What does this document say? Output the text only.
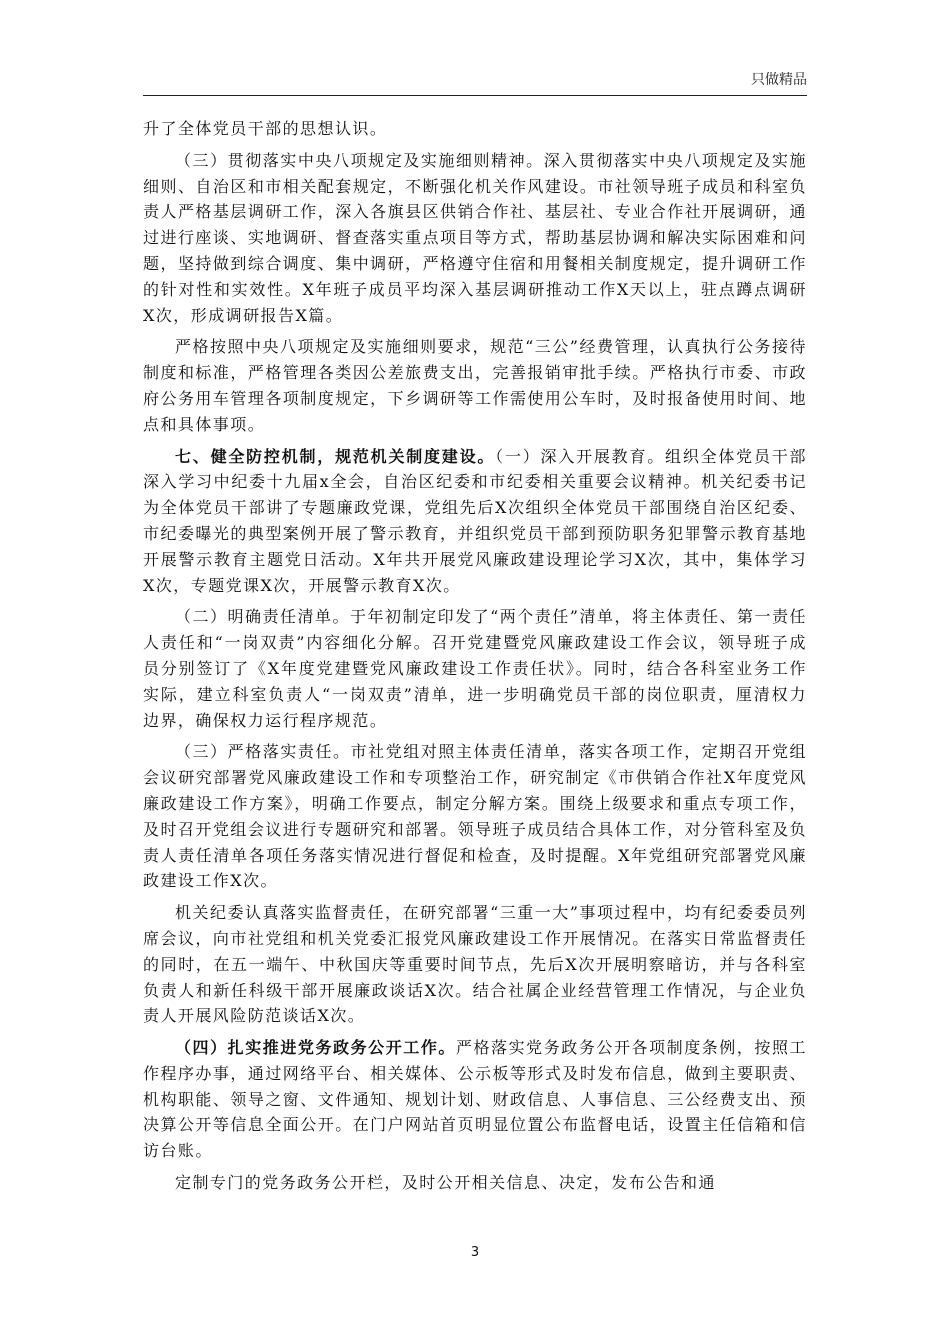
只做精品

升了全体党员干部的思想认识。

（三）贯彻落实中央八项规定及实施细则精神。深入贯彻落实中央八项规定及实施细则、自治区和市相关配套规定，不断强化机关作风建设。市社领导班子成员和科室负责人严格基层调研工作，深入各旗县区供销合作社、基层社、专业合作社开展调研，通过进行座谈、实地调研、督查落实重点项目等方式，帮助基层协调和解决实际困难和问题，坚持做到综合调度、集中调研，严格遵守住宿和用餐相关制度规定，提升调研工作的针对性和实效性。X年班子成员平均深入基层调研推动工作X天以上，驻点蹲点调研X次，形成调研报告X篇。

严格按照中央八项规定及实施细则要求，规范“三公”经费管理，认真执行公务接待制度和标准，严格管理各类因公差旅费支出，完善报销审批手续。严格执行市委、市政府公务用车管理各项制度规定，下乡调研等工作需使用公车时，及时报备使用时间、地点和具体事项。

七、健全防控机制，规范机关制度建设。（一）深入开展教育。组织全体党员干部深入学习中纪委十九届x全会，自治区纪委和市纪委相关重要会议精神。机关纪委书记为全体党员干部讲了专题廉政党课，党组先后X次组织全体党员干部围绕自治区纪委、市纪委曝光的典型案例开展了警示教育，并组织党员干部到预防职务犯罪警示教育基地开展警示教育主题党日活动。X年共开展党风廉政建设理论学习X次，其中，集体学习X次，专题党课X次，开展警示教育X次。

（二）明确责任清单。于年初制定印发了“两个责任”清单，将主体责任、第一责任人责任和“一岗双责”内容细化分解。召开党建暨党风廉政建设工作会议，领导班子成员分别签订了《X年度党建暨党风廉政建设工作责任状》。同时，结合各科室业务工作实际，建立科室负责人“一岗双责”清单，进一步明确党员干部的岗位职责，厘清权力边界，确保权力运行程序规范。

（三）严格落实责任。市社党组对照主体责任清单，落实各项工作，定期召开党组会议研究部署党风廉政建设工作和专项整治工作，研究制定《市供销合作社X年度党风廉政建设工作方案》，明确工作要点，制定分解方案。围绕上级要求和重点专项工作，及时召开党组会议进行专题研究和部署。领导班子成员结合具体工作，对分管科室及负责人责任清单各项任务落实情况进行督促和检查，及时提醒。X年党组研究部署党风廉政建设工作X次。

机关纪委认真落实监督责任，在研究部署“三重一大”事项过程中，均有纪委委员列席会议，向市社党组和机关党委汇报党风廉政建设工作开展情况。在落实日常监督责任的同时，在五一端午、中秋国庆等重要时间节点，先后X次开展明察暗访，并与各科室负责人和新任科级干部开展廉政谈话X次。结合社属企业经营管理工作情况，与企业负责人开展风险防范谈话X次。

（四）扎实推进党务政务公开工作。严格落实党务政务公开各项制度条例，按照工作程序办事，通过网络平台、相关媒体、公示板等形式及时发布信息，做到主要职责、机构职能、领导之窗、文件通知、规划计划、财政信息、人事信息、三公经费支出、预决算公开等信息全面公开。在门户网站首页明显位置公布监督电话，设置主任信箱和信访台账。

定制专门的党务政务公开栏，及时公开相关信息、决定，发布公告和通

3
